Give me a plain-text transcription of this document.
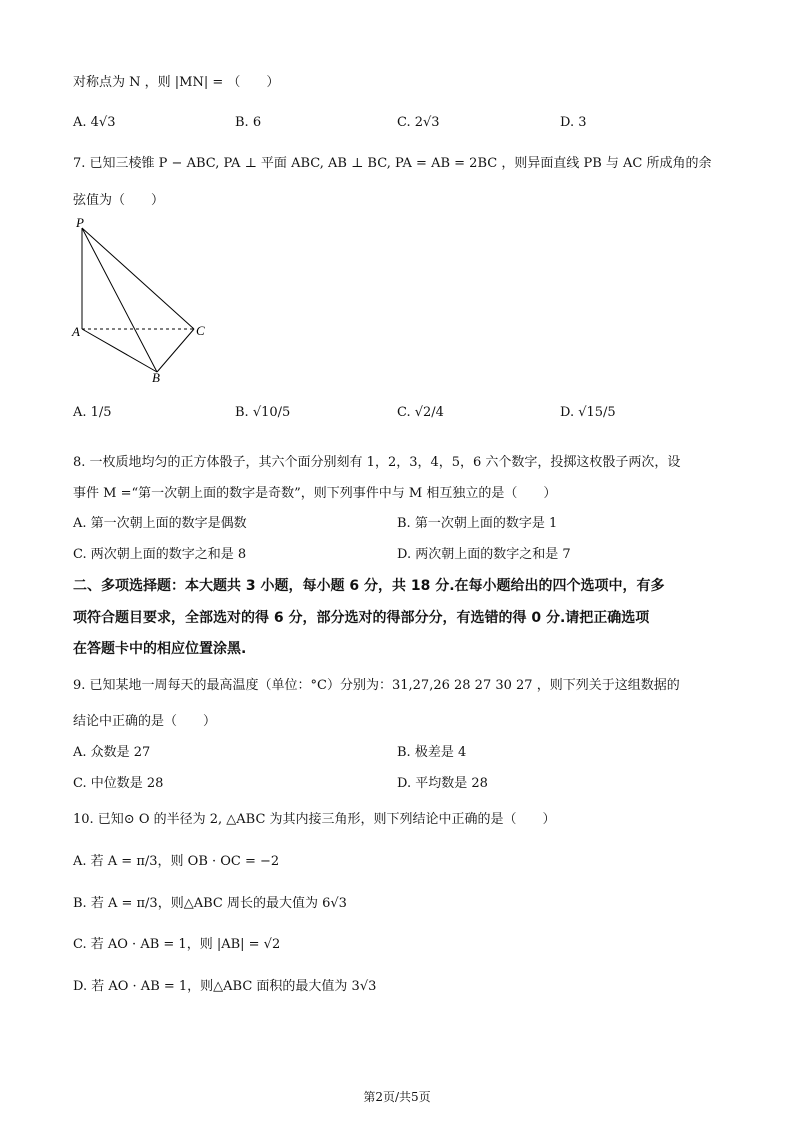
对称点为 N ，则 |MN| = （　　）
A. 4√3	B. 6	C. 2√3	D. 3
7. 已知三棱锥 P − ABC, PA ⊥ 平面 ABC, AB ⊥ BC, PA = AB = 2BC ，则异面直线 PB 与 AC 所成角的余
弦值为（　　）
P
A	C
B
A. 1/5	B. √10/5	C. √2/4	D. √15/5
8. 一枚质地均匀的正方体骰子，其六个面分别刻有 1，2，3，4，5，6 六个数字，投掷这枚骰子两次，设
事件 M =“第一次朝上面的数字是奇数”，则下列事件中与 M 相互独立的是（　　）
A. 第一次朝上面的数字是偶数	B. 第一次朝上面的数字是 1
C. 两次朝上面的数字之和是 8	D. 两次朝上面的数字之和是 7
二、多项选择题：本大题共 3 小题，每小题 6 分，共 18 分.在每小题给出的四个选项中，有多
项符合题目要求，全部选对的得 6 分，部分选对的得部分分，有选错的得 0 分.请把正确选项
在答题卡中的相应位置涂黑.
9. 已知某地一周每天的最高温度（单位：°C）分别为：31,27,26 28 27 30 27 ，则下列关于这组数据的
结论中正确的是（　　）
A. 众数是 27	B. 极差是 4
C. 中位数是 28	D. 平均数是 28
10. 已知⊙ O 的半径为 2, △ABC 为其内接三角形，则下列结论中正确的是（　　）
A. 若 A = π/3，则 OB · OC = −2
B. 若 A = π/3，则△ABC 周长的最大值为 6√3
C. 若 AO · AB = 1，则 |AB| = √2
D. 若 AO · AB = 1，则△ABC 面积的最大值为 3√3
第2页/共5页
